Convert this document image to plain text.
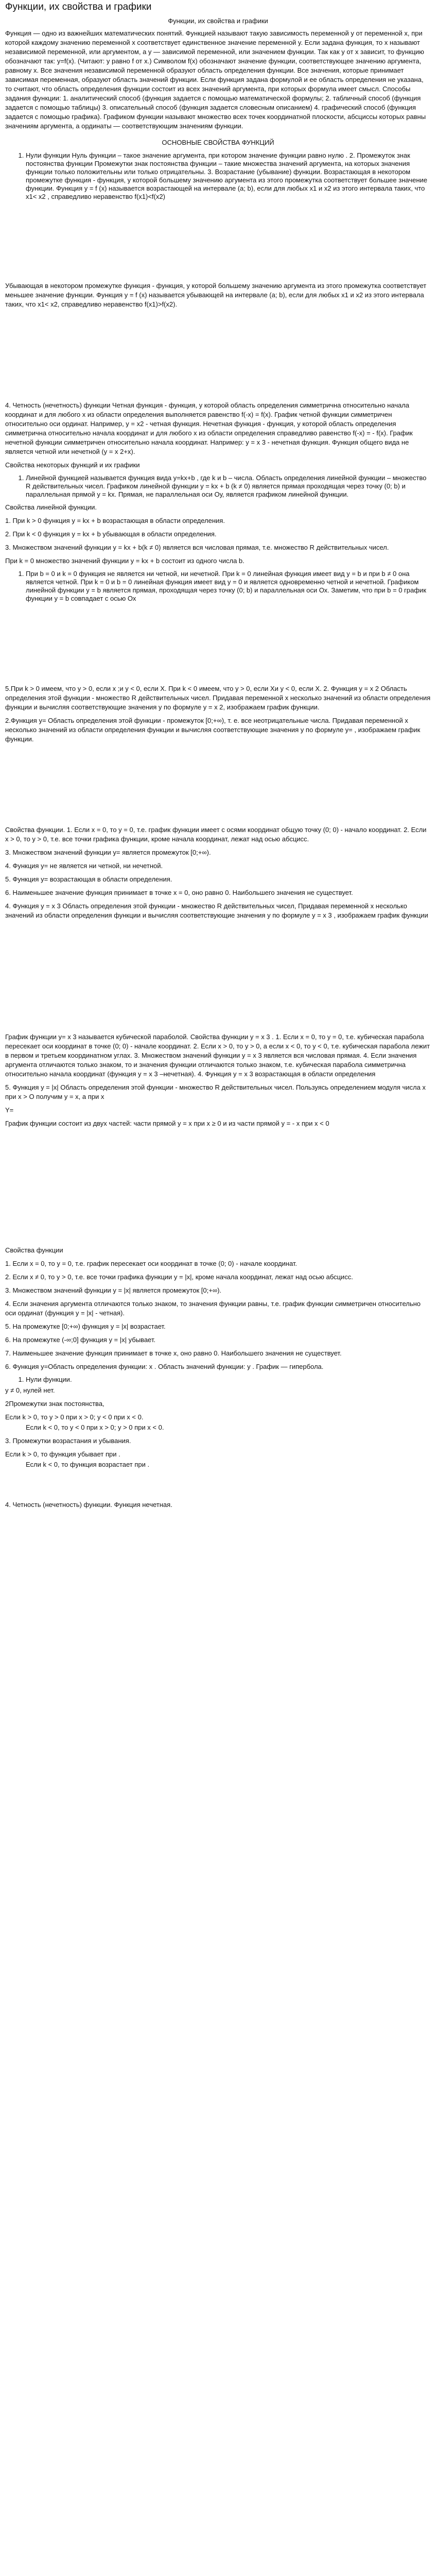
Функции, их свойства и графики
Функции, их свойства и графики

Функция — одно из важнейших математических понятий. Функцией называют такую зависимость переменной y от переменной x, при которой каждому значению переменной x соответствует единственное значение переменной y. Если задана функция, то x называют независимой переменной, или аргументом, а y — зависимой переменной, или значением функции. Так как y от x зависит, то функцию обозначают так: y=f(x). (Читают: у равно f от х.) Символом f(x) обозначают значение функции, соответствующее значению аргумента, равному х. Все значения независимой переменной образуют область определения функции. Все значения, которые принимает зависимая переменная, образуют область значений функции. Если функция задана формулой и ее область определения не указана, то считают, что область определения функции состоит из всех значений аргумента, при которых формула имеет смысл. Способы задания функции: 1. аналитический способ (функция задается с помощью математической формулы; 2. табличный способ (функция задается с помощью таблицы) 3. описательный способ (функция задается словесным описанием) 4. графический способ (функция задается с помощью графика). Графиком функции называют множество всех точек координатной плоскости, абсциссы которых равны значениям аргумента, а ординаты — соответствующим значениям функции.

ОСНОВНЫЕ СВОЙСТВА ФУНКЦИЙ
1. Нули функции Нуль функции – такое значение аргумента, при котором значение функции равно нулю . 2. Промежуток знак постоянства функции Промежутки знак постоянства функции – такие множества значений аргумента, на которых значения функции только положительны или только отрицательны. 3. Возрастание (убывание) функции. Возрастающая в некотором промежутке функция - функция, у которой большему значению аргумента из этого промежутка соответствует большее значение функции. Функция у = f (x) называется возрастающей на интервале (а; b), если для любых х1 и х2 из этого интервала таких, что х1< х2 , справедливо неравенство f(x1)<f(x2)

Убывающая в некотором промежутке функция - функция, у которой большему значению аргумента из этого промежутка соответствует меньшее значение функции. Функция у = f (x) называется убывающей на интервале (а; b), если для любых х1 и х2 из этого интервала таких, что х1< х2, справедливо неравенство f(x1)>f(x2).

4. Четность (нечетность) функции Четная функция - функция, у которой область определения симметрична относительно начала координат и для любого х из области определения выполняется равенство f(-x) = f(x). График четной функции симметричен относительно оси ординат. Например, у = х2 - четная функция. Нечетная функция - функция, у которой область определения симметрична относительно начала координат и для любого х из области определения справедливо равенство f(-x) = - f(x). График нечетной функции симметричен относительно начала координат. Например: у = х 3 - нечетная функция. Функция общего вида не является четной или нечетной (у = х 2+х).

Свойства некоторых функций и их графики

1. Линейной функцией называется функция вида y=kx+b , где k и b – числа. Область определения линейной функции – множество R действительных чисел. Графиком линейной функции у = kx + b (k ≠ 0) является прямая проходящая через точку (0; b) и параллельная прямой у = kx. Прямая, не параллельная оси Оу, является графиком линейной функции.

Свойства линейной функции.

1. При k > 0 функция у = kx + b возрастающая в области определения.

2. При k < 0 функция у = kx + b убывающая в области определения.

3. Множеством значений функции y = kx + b(k ≠ 0) является вся числовая прямая, т.е. множество R действительных чисел.

При k = 0 множество значений функции у = kx + b состоит из одного числа b.

1. При b = 0 и k = 0 функция не является ни четной, ни нечетной. При k = 0 линейная функция имеет вид у = b и при b ≠ 0 она является четной. При k = 0 и b = 0 линейная функция имеет вид у = 0 и является одновременно четной и нечетной. Графиком линейной функции у = b является прямая, проходящая через точку (0; b) и параллельная оси Ох. Заметим, что при b = 0 график функции у = b совпадает с осью Ох

5.При k > 0 имеем, что у > 0, если х ;и у < 0, если Х. При k < 0 имеем, что у > 0, если Хи у < 0, если Х. 2. Функция у = х 2 Область определения этой функции - множество R действительных чисел. Придавая переменной х несколько значений из области определения функции и вычисляя соответствующие значения у по формуле у = х 2, изображаем график функции.

2.Функция у= Область определения этой функции - промежуток [0;+∞), т. е. все неотрицательные числа. Придавая переменной х несколько значений из области определения функции и вычисляя соответствующие значения у по формуле у= , изображаем график функции.

Свойства функции. 1. Если х = 0, то у = 0, т.е. график функции имеет с осями координат общую точку (0; 0) - начало координат. 2. Если х > 0, то у > 0, т.е. все точки графика функции, кроме начала координат, лежат над осью абсцисс.

3. Множеством значений функции у= является промежуток [0;+∞).

4. Функция у= не является ни четной, ни нечетной.

5. Функция у= возрастающая в области определения.

6. Наименьшее значение функция принимает в точке х = 0, оно равно 0. Наибольшего значения не существует.

4. Функция у = х 3 Область определения этой функции - множество R действительных чисел, Придавая переменной х несколько значений из области определения функции и вычисляя соответствующие значения у по формуле у = х 3 , изображаем график функции

График функции у= х 3 называется кубической параболой. Свойства функции у = х 3 . 1. Если х = 0, то у = 0, т.е. кубическая парабола пересекает оси координат в точке (0; 0) - начале координат. 2. Если х > 0, то у > 0, а если х < 0, то у < 0, т.е. кубическая парабола лежит в первом и третьем координатном углах. 3. Множеством значений функции у = х 3 является вся числовая прямая. 4. Если значения аргумента отличаются только знаком, то и значения функции отличаются только знаком, т.е. кубическая парабола симметрична относительно начала координат (функция у = х 3 –нечетная). 4. Функция у = х 3 возрастающая в области определения

5. Функция у = |x| Область определения этой функции - множество R действительных чисел. Пользуясь определением модуля числа х при х > О получим у = х, а при х

Y=

График функции состоит из двух частей: части прямой у = х при х ≥ 0 и из части прямой у = - х при х < 0

Свойства функции

1. Если х = 0, то у = 0, т.е. график пересекает оси координат в точке (0; 0) - начале координат.

2. Если х ≠ 0, то у > 0, т.е. все точки графика функции у = |x|, кроме начала координат, лежат над осью абсцисс.

3. Множеством значений функции у = |x| является промежуток [0;+∞).

4. Если значения аргумента отличаются только знаком, то значения функции равны, т.е. график функции симметричен относительно оси ординат (функция у = |x| - четная).

5. На промежутке [0;+∞) функция у = |x| возрастает.

6. На промежутке (-∞;0] функция у = |x| убывает.

7. Наименьшее значение функция принимает в точке х, оно равно 0. Наибольшего значения не существует.

6. Функция y=Область определения функции: х . Область значений функции: у . График — гипербола.

1. Нули функции.

у ≠ 0, нулей нет.

2Промежутки знак постоянства,

Если k > 0, то у > 0 при х > 0; у < 0 при х < 0.

Если k < 0, то у < 0 при х > 0; у > 0 при х < 0.

3. Промежутки возрастания и убывания.

Если k > 0, то функция убывает при .

Если k < 0, то функция возрастает при .

4. Четность (нечетность) функции. Функция нечетная.
